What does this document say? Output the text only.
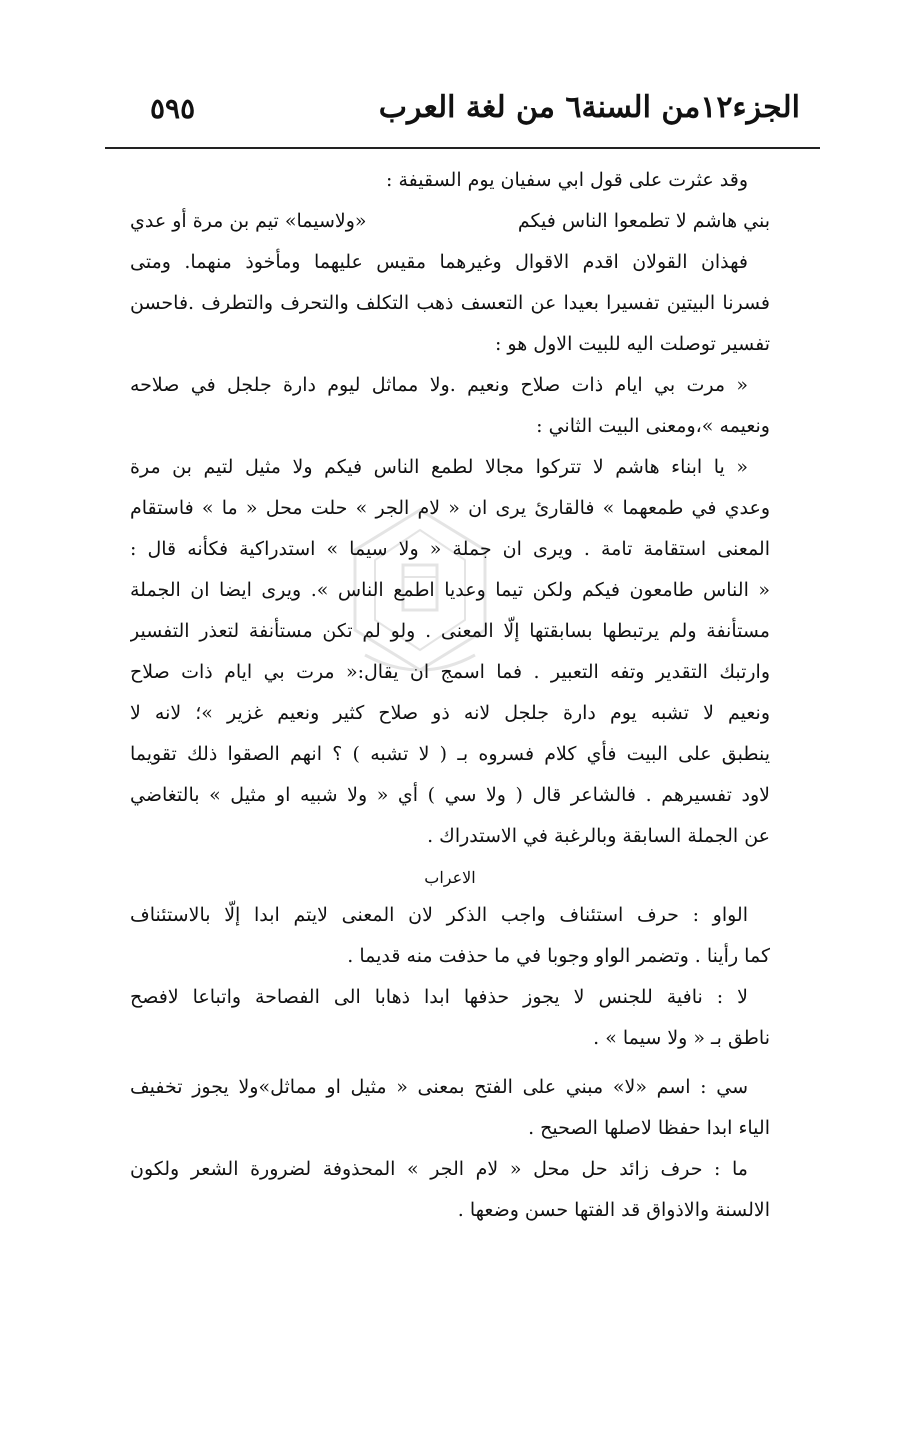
الجزء١٢من السنة٦ من لغة العرب
٥٩٥
وقد عثرت على قول ابي سفيان يوم السقيفة :
بني هاشم لا تطمعوا الناس فيكم
«ولاسيما» تيم بن مرة أو عدي
فهذان القولان اقدم الاقوال وغيرهما مقيس عليهما ومأخوذ منهما. ومتى
فسرنا البيتين تفسيرا بعيدا عن التعسف ذهب التكلف والتحرف والتطرف .فاحسن
تفسير توصلت اليه للبيت الاول هو :
« مرت بي ايام ذات صلاح ونعيم .ولا مماثل ليوم دارة جلجل في صلاحه
ونعيمه »،ومعنى البيت الثاني :
« يا ابناء هاشم لا تتركوا مجالا لطمع الناس فيكم ولا مثيل لتيم بن مرة
وعدي في طمعهما » فالقارئ يرى ان « لام الجر » حلت محل « ما » فاستقام
المعنى استقامة تامة . ويرى ان جملة « ولا سيما » استدراكية فكأنه قال :
« الناس طامعون فيكم ولكن تيما وعديا اطمع الناس ». ويرى ايضا ان الجملة
مستأنفة ولم يرتبطها بسابقتها إلّا المعنى . ولو لم تكن مستأنفة لتعذر التفسير
وارتبك التقدير وتفه التعبير . فما اسمج ان يقال:« مرت بي ايام ذات صلاح
ونعيم لا تشبه يوم دارة جلجل لانه ذو صلاح كثير ونعيم غزير »؛ لانه لا
ينطبق على البيت فأي كلام فسروه بـ ( لا تشبه ) ؟ انهم الصقوا ذلك تقويما
لاود تفسيرهم . فالشاعر قال ( ولا سي ) أي « ولا شبيه او مثيل » بالتغاضي
عن الجملة السابقة وبالرغبة في الاستدراك .
الاعراب
الواو : حرف استئناف واجب الذكر لان المعنى لايتم ابدا إلّا بالاستئناف
كما رأينا . وتضمر الواو وجوبا في ما حذفت منه قديما .
لا : نافية للجنس لا يجوز حذفها ابدا ذهابا الى الفصاحة واتباعا لافصح
ناطق بـ « ولا سيما » .
سي : اسم «لا» مبني على الفتح بمعنى « مثيل او مماثل»ولا يجوز تخفيف
الياء ابدا حفظا لاصلها الصحيح .
ما : حرف زائد حل محل « لام الجر » المحذوفة لضرورة الشعر ولكون
الالسنة والاذواق قد الفتها حسن وضعها .
